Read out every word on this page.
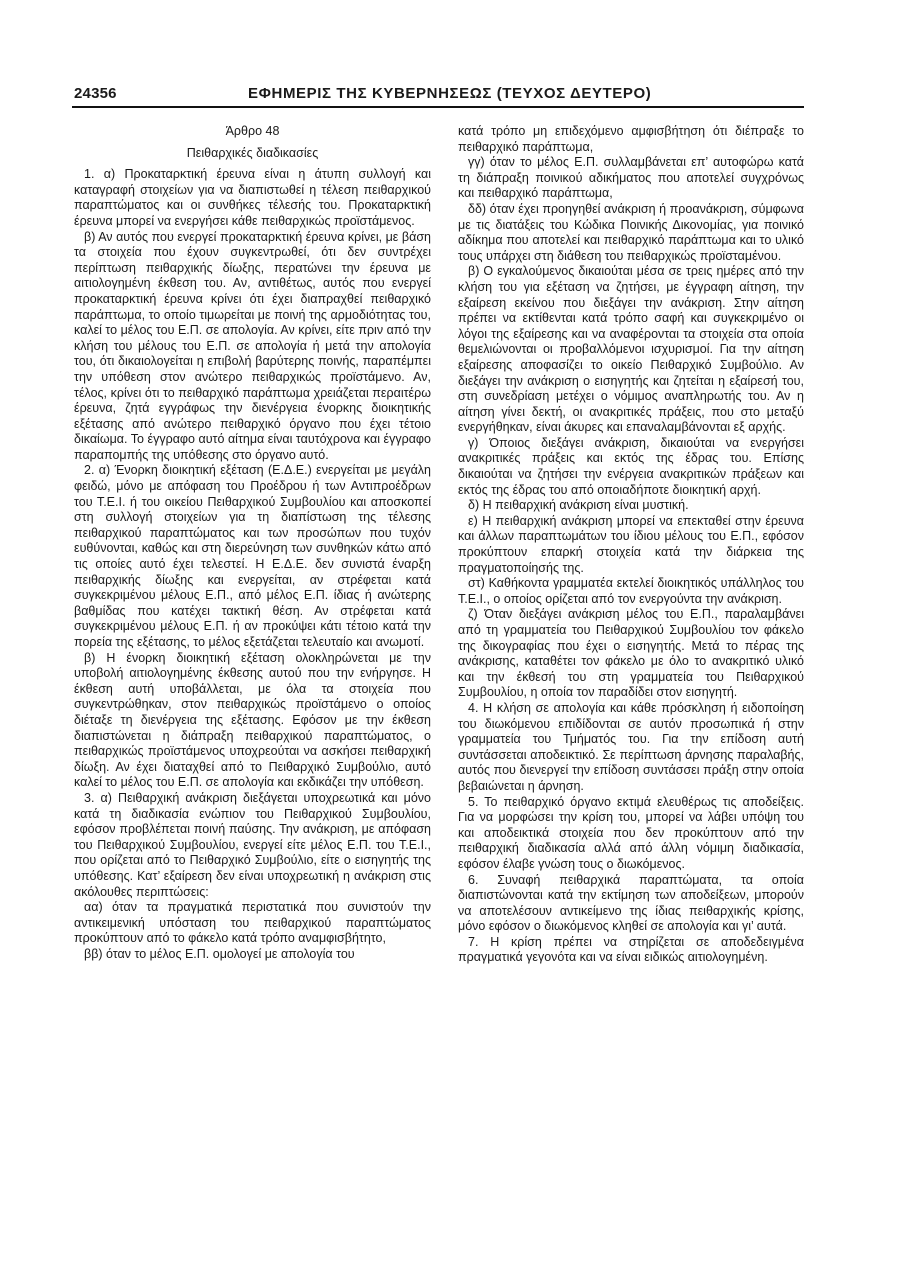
24356	ΕΦΗΜΕΡΙΣ ΤΗΣ ΚΥΒΕΡΝΗΣΕΩΣ (ΤΕΥΧΟΣ ΔΕΥΤΕΡΟ)

Άρθρο 48

Πειθαρχικές διαδικασίες

1. α) Προκαταρκτική έρευνα είναι η άτυπη συλλογή και καταγραφή στοιχείων για να διαπιστωθεί η τέλεση πειθαρχικού παραπτώματος και οι συνθήκες τέλεσής του. Προκαταρκτική έρευνα μπορεί να ενεργήσει κάθε πειθαρχικώς προϊστάμενος.

β) Αν αυτός που ενεργεί προκαταρκτική έρευνα κρίνει, με βάση τα στοιχεία που έχουν συγκεντρωθεί, ότι δεν συντρέχει περίπτωση πειθαρχικής δίωξης, περατώνει την έρευνα με αιτιολογημένη έκθεση του. Αν, αντιθέτως, αυτός που ενεργεί προκαταρκτική έρευνα κρίνει ότι έχει διαπραχθεί πειθαρχικό παράπτωμα, το οποίο τιμωρείται με ποινή της αρμοδιότητας του, καλεί το μέλος του Ε.Π. σε απολογία. Αν κρίνει, είτε πριν από την κλήση του μέλους του Ε.Π. σε απολογία ή μετά την απολογία του, ότι δικαιολογείται η επιβολή βαρύτερης ποινής, παραπέμπει την υπόθεση στον ανώτερο πειθαρχικώς προϊστάμενο. Αν, τέλος, κρίνει ότι το πειθαρχικό παράπτωμα χρειάζεται περαιτέρω έρευνα, ζητά εγγράφως την διενέργεια ένορκης διοικητικής εξέτασης από ανώτερο πειθαρχικό όργανο που έχει τέτοιο δικαίωμα. Το έγγραφο αυτό αίτημα είναι ταυτόχρονα και έγγραφο παραπομπής της υπόθεσης στο όργανο αυτό.

2. α) Ένορκη διοικητική εξέταση (Ε.Δ.Ε.) ενεργείται με μεγάλη φειδώ, μόνο με απόφαση του Προέδρου ή των Αντιπροέδρων του Τ.Ε.Ι. ή του οικείου Πειθαρχικού Συμβουλίου και αποσκοπεί στη συλλογή στοιχείων για τη διαπίστωση της τέλεσης πειθαρχικού παραπτώματος και των προσώπων που τυχόν ευθύνονται, καθώς και στη διερεύνηση των συνθηκών κάτω από τις οποίες αυτό έχει τελεστεί. Η Ε.Δ.Ε. δεν συνιστά έναρξη πειθαρχικής δίωξης και ενεργείται, αν στρέφεται κατά συγκεκριμένου μέλους Ε.Π., από μέλος Ε.Π. ίδιας ή ανώτερης βαθμίδας που κατέχει τακτική θέση. Αν στρέφεται κατά συγκεκριμένου μέλους Ε.Π. ή αν προκύψει κάτι τέτοιο κατά την πορεία της εξέτασης, το μέλος εξετάζεται τελευταίο και ανωμοτί.

β) Η ένορκη διοικητική εξέταση ολοκληρώνεται με την υποβολή αιτιολογημένης έκθεσης αυτού που την ενήργησε. Η έκθεση αυτή υποβάλλεται, με όλα τα στοιχεία που συγκεντρώθηκαν, στον πειθαρχικώς προϊστάμενο ο οποίος διέταξε τη διενέργεια της εξέτασης. Εφόσον με την έκθεση διαπιστώνεται η διάπραξη πειθαρχικού παραπτώματος, ο πειθαρχικώς προϊστάμενος υποχρεούται να ασκήσει πειθαρχική δίωξη. Αν έχει διαταχθεί από το Πειθαρχικό Συμβούλιο, αυτό καλεί το μέλος του Ε.Π. σε απολογία και εκδικάζει την υπόθεση.

3. α) Πειθαρχική ανάκριση διεξάγεται υποχρεωτικά και μόνο κατά τη διαδικασία ενώπιον του Πειθαρχικού Συμβουλίου, εφόσον προβλέπεται ποινή παύσης. Την ανάκριση, με απόφαση του Πειθαρχικού Συμβουλίου, ενεργεί είτε μέλος Ε.Π. του Τ.Ε.Ι., που ορίζεται από το Πειθαρχικό Συμβούλιο, είτε ο εισηγητής της υπόθεσης. Κατ’ εξαίρεση δεν είναι υποχρεωτική η ανάκριση στις ακόλουθες περιπτώσεις:

αα) όταν τα πραγματικά περιστατικά που συνιστούν την αντικειμενική υπόσταση του πειθαρχικού παραπτώματος προκύπτουν από το φάκελο κατά τρόπο αναμφισβήτητο,

ββ) όταν το μέλος Ε.Π. ομολογεί με απολογία του

κατά τρόπο μη επιδεχόμενο αμφισβήτηση ότι διέπραξε το πειθαρχικό παράπτωμα,

γγ) όταν το μέλος Ε.Π. συλλαμβάνεται επ’ αυτοφώρω κατά τη διάπραξη ποινικού αδικήματος που αποτελεί συγχρόνως και πειθαρχικό παράπτωμα,

δδ) όταν έχει προηγηθεί ανάκριση ή προανάκριση, σύμφωνα με τις διατάξεις του Κώδικα Ποινικής Δικονομίας, για ποινικό αδίκημα που αποτελεί και πειθαρχικό παράπτωμα και το υλικό τους υπάρχει στη διάθεση του πειθαρχικώς προϊσταμένου.

β) Ο εγκαλούμενος δικαιούται μέσα σε τρεις ημέρες από την κλήση του για εξέταση να ζητήσει, με έγγραφη αίτηση, την εξαίρεση εκείνου που διεξάγει την ανάκριση. Στην αίτηση πρέπει να εκτίθενται κατά τρόπο σαφή και συγκεκριμένο οι λόγοι της εξαίρεσης και να αναφέρονται τα στοιχεία στα οποία θεμελιώνονται οι προβαλλόμενοι ισχυρισμοί. Για την αίτηση εξαίρεσης αποφασίζει το οικείο Πειθαρχικό Συμβούλιο. Αν διεξάγει την ανάκριση ο εισηγητής και ζητείται η εξαίρεσή του, στη συνεδρίαση μετέχει ο νόμιμος αναπληρωτής του. Αν η αίτηση γίνει δεκτή, οι ανακριτικές πράξεις, που στο μεταξύ ενεργήθηκαν, είναι άκυρες και επαναλαμβάνονται εξ αρχής.

γ) Όποιος διεξάγει ανάκριση, δικαιούται να ενεργήσει ανακριτικές πράξεις και εκτός της έδρας του. Επίσης δικαιούται να ζητήσει την ενέργεια ανακριτικών πράξεων και εκτός της έδρας του από οποιαδήποτε διοικητική αρχή.

δ) Η πειθαρχική ανάκριση είναι μυστική.

ε) Η πειθαρχική ανάκριση μπορεί να επεκταθεί στην έρευνα και άλλων παραπτωμάτων του ίδιου μέλους του Ε.Π., εφόσον προκύπτουν επαρκή στοιχεία κατά την διάρκεια της πραγματοποίησής της.

στ) Καθήκοντα γραμματέα εκτελεί διοικητικός υπάλληλος του Τ.Ε.Ι., ο οποίος ορίζεται από τον ενεργούντα την ανάκριση.

ζ) Όταν διεξάγει ανάκριση μέλος του Ε.Π., παραλαμβάνει από τη γραμματεία του Πειθαρχικού Συμβουλίου τον φάκελο της δικογραφίας που έχει ο εισηγητής. Μετά το πέρας της ανάκρισης, καταθέτει τον φάκελο με όλο το ανακριτικό υλικό και την έκθεσή του στη γραμματεία του Πειθαρχικού Συμβουλίου, η οποία τον παραδίδει στον εισηγητή.

4. Η κλήση σε απολογία και κάθε πρόσκληση ή ειδοποίηση του διωκόμενου επιδίδονται σε αυτόν προσωπικά ή στην γραμματεία του Τμήματός του. Για την επίδοση αυτή συντάσσεται αποδεικτικό. Σε περίπτωση άρνησης παραλαβής, αυτός που διενεργεί την επίδοση συντάσσει πράξη στην οποία βεβαιώνεται η άρνηση.

5. Το πειθαρχικό όργανο εκτιμά ελευθέρως τις αποδείξεις. Για να μορφώσει την κρίση του, μπορεί να λάβει υπόψη του και αποδεικτικά στοιχεία που δεν προκύπτουν από την πειθαρχική διαδικασία αλλά από άλλη νόμιμη διαδικασία, εφόσον έλαβε γνώση τους ο διωκόμενος.

6. Συναφή πειθαρχικά παραπτώματα, τα οποία διαπιστώνονται κατά την εκτίμηση των αποδείξεων, μπορούν να αποτελέσουν αντικείμενο της ίδιας πειθαρχικής κρίσης, μόνο εφόσον ο διωκόμενος κληθεί σε απολογία και γι’ αυτά.

7. Η κρίση πρέπει να στηρίζεται σε αποδεδειγμένα πραγματικά γεγονότα και να είναι ειδικώς αιτιολογημένη.
